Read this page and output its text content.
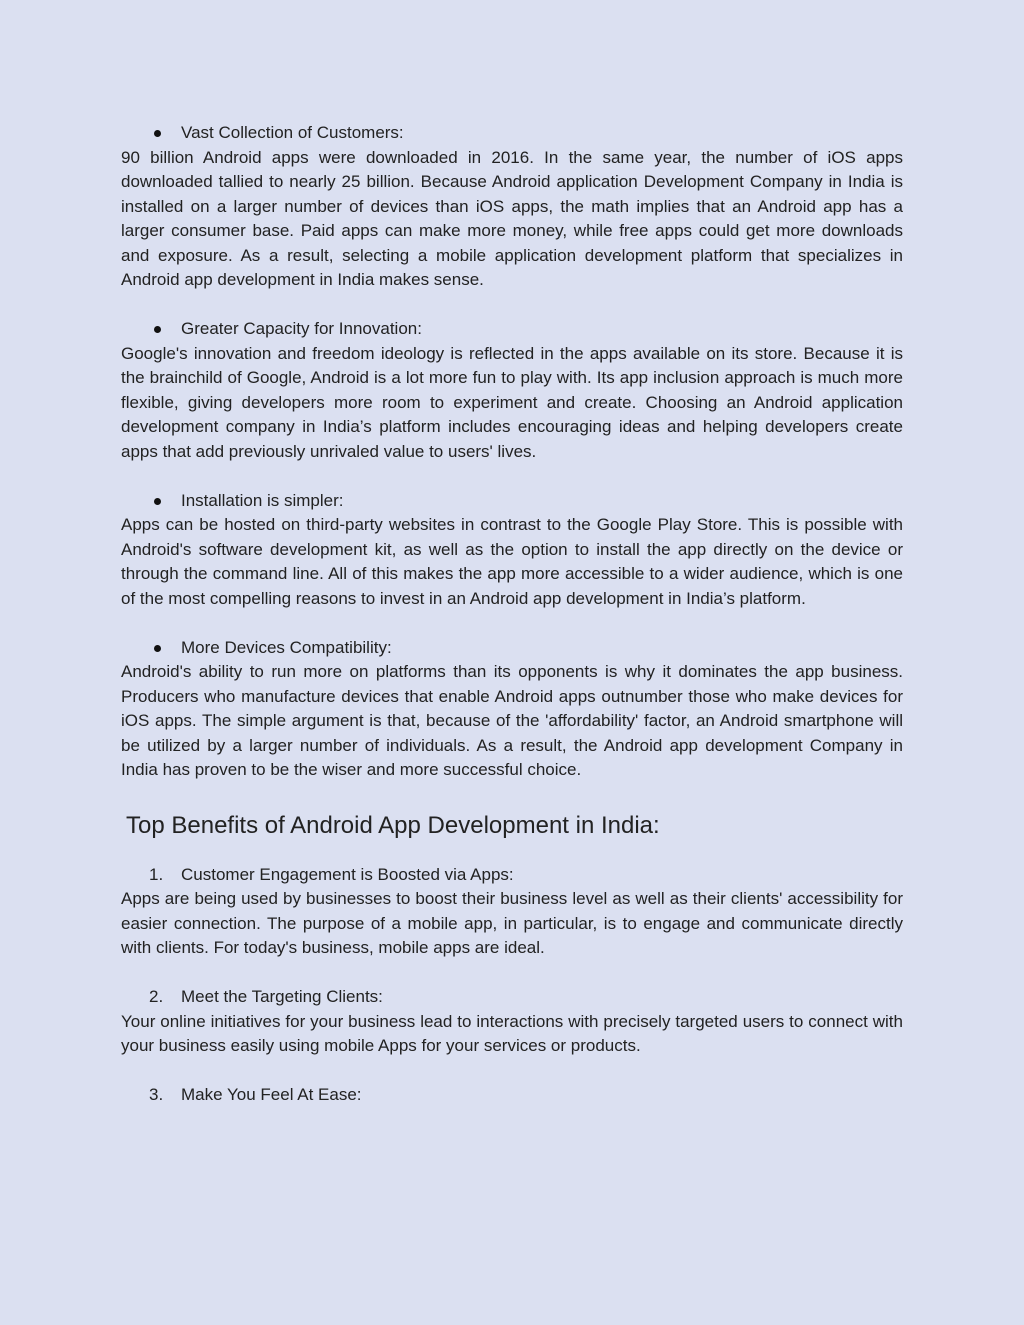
Vast Collection of Customers:

90 billion Android apps were downloaded in 2016. In the same year, the number of iOS apps downloaded tallied to nearly 25 billion. Because Android application Development Company in India is installed on a larger number of devices than iOS apps, the math implies that an Android app has a larger consumer base. Paid apps can make more money, while free apps could get more downloads and exposure. As a result, selecting a mobile application development platform that specializes in Android app development in India makes sense.

Greater Capacity for Innovation:

Google's innovation and freedom ideology is reflected in the apps available on its store. Because it is the brainchild of Google, Android is a lot more fun to play with. Its app inclusion approach is much more flexible, giving developers more room to experiment and create. Choosing an Android application development company in India’s platform includes encouraging ideas and helping developers create apps that add previously unrivaled value to users' lives.

Installation is simpler:

Apps can be hosted on third-party websites in contrast to the Google Play Store. This is possible with Android's software development kit, as well as the option to install the app directly on the device or through the command line. All of this makes the app more accessible to a wider audience, which is one of the most compelling reasons to invest in an Android app development in India’s platform.

More Devices Compatibility:

Android's ability to run more on platforms than its opponents is why it dominates the app business. Producers who manufacture devices that enable Android apps outnumber those who make devices for iOS apps. The simple argument is that, because of the 'affordability' factor, an Android smartphone will be utilized by a larger number of individuals. As a result, the Android app development Company in India has proven to be the wiser and more successful choice.

Top Benefits of Android App Development in India:

1. Customer Engagement is Boosted via Apps:

Apps are being used by businesses to boost their business level as well as their clients' accessibility for easier connection. The purpose of a mobile app, in particular, is to engage and communicate directly with clients. For today's business, mobile apps are ideal.

2. Meet the Targeting Clients:

Your online initiatives for your business lead to interactions with precisely targeted users to connect with your business easily using mobile Apps for your services or products.

3. Make You Feel At Ease:
